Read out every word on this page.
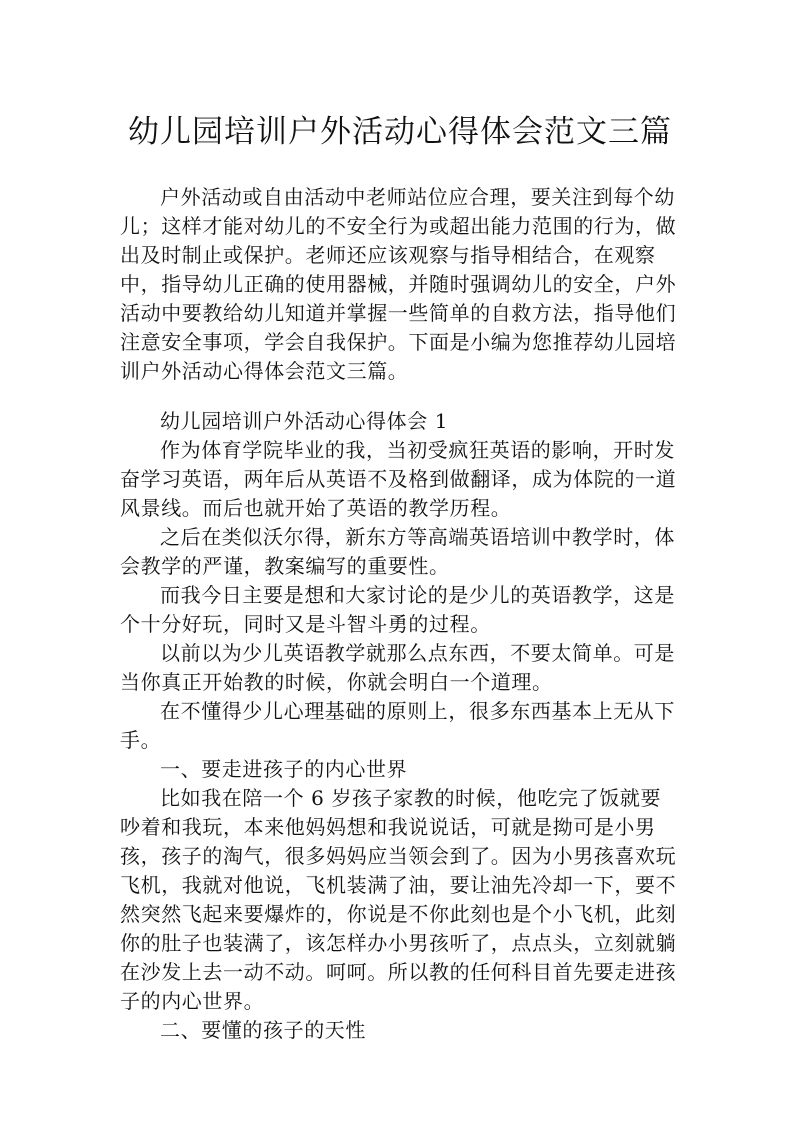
幼儿园培训户外活动心得体会范文三篇

户外活动或自由活动中老师站位应合理，要关注到每个幼儿；这样才能对幼儿的不安全行为或超出能力范围的行为，做出及时制止或保护。老师还应该观察与指导相结合，在观察中，指导幼儿正确的使用器械，并随时强调幼儿的安全，户外活动中要教给幼儿知道并掌握一些简单的自救方法，指导他们注意安全事项，学会自我保护。下面是小编为您推荐幼儿园培训户外活动心得体会范文三篇。

幼儿园培训户外活动心得体会 1

作为体育学院毕业的我，当初受疯狂英语的影响，开时发奋学习英语，两年后从英语不及格到做翻译，成为体院的一道风景线。而后也就开始了英语的教学历程。

之后在类似沃尔得，新东方等高端英语培训中教学时，体会教学的严谨，教案编写的重要性。

而我今日主要是想和大家讨论的是少儿的英语教学，这是个十分好玩，同时又是斗智斗勇的过程。

以前以为少儿英语教学就那么点东西，不要太简单。可是当你真正开始教的时候，你就会明白一个道理。

在不懂得少儿心理基础的原则上，很多东西基本上无从下手。

一、要走进孩子的内心世界

比如我在陪一个 6 岁孩子家教的时候，他吃完了饭就要吵着和我玩，本来他妈妈想和我说说话，可就是拗可是小男孩，孩子的淘气，很多妈妈应当领会到了。因为小男孩喜欢玩飞机，我就对他说，飞机装满了油，要让油先冷却一下，要不然突然飞起来要爆炸的，你说是不你此刻也是个小飞机，此刻你的肚子也装满了，该怎样办小男孩听了，点点头，立刻就躺在沙发上去一动不动。呵呵。所以教的任何科目首先要走进孩子的内心世界。

二、要懂的孩子的天性
